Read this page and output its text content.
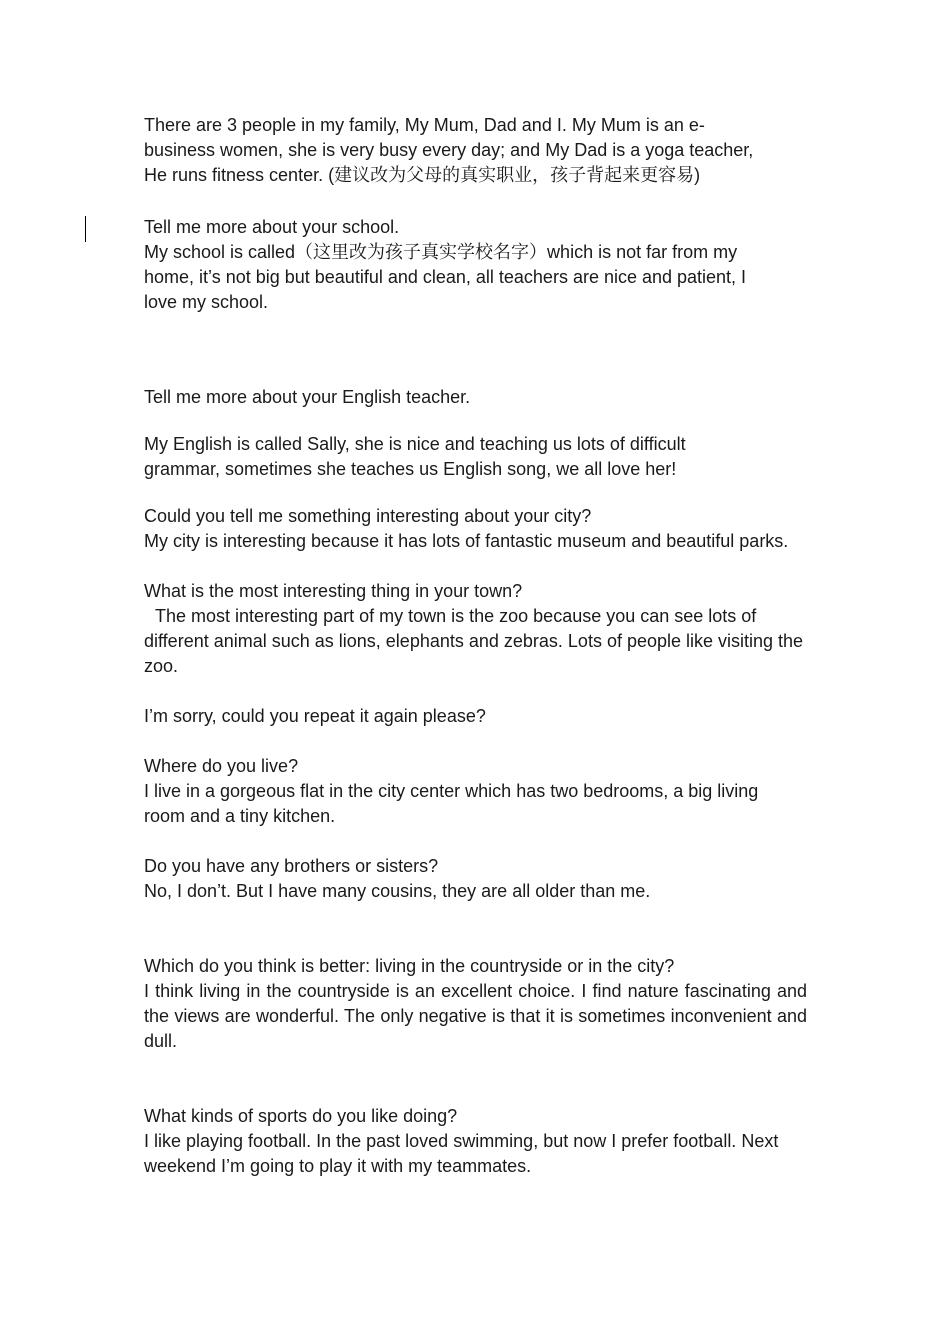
There are 3 people in my family, My Mum, Dad and I. My Mum is an e-
business women, she is very busy every day; and My Dad is a yoga teacher,
He runs fitness center. (建议改为父母的真实职业，孩子背起来更容易)
Tell me more about your school.
My school is called（这里改为孩子真实学校名字）which is not far from my
home, it’s not big but beautiful and clean, all teachers are nice and patient, I
love my school.
Tell me more about your English teacher.
My English is called Sally, she is nice and teaching us lots of difficult
grammar, sometimes she teaches us English song, we all love her!
Could you tell me something interesting about your city?
My city is interesting because it has lots of fantastic museum and beautiful parks.
What is the most interesting thing in your town?
The most interesting part of my town is the zoo because you can see lots of different animal such as lions, elephants and zebras. Lots of people like visiting the zoo.
I’m sorry, could you repeat it again please?
Where do you live?
I live in a gorgeous flat in the city center which has two bedrooms, a big living
room and a tiny kitchen.
Do you have any brothers or sisters?
No, I don’t. But I have many cousins, they are all older than me.
Which do you think is better: living in the countryside or in the city?
I think living in the countryside is an excellent choice. I find nature fascinating and the views are wonderful. The only negative is that it is sometimes inconvenient and dull.
What kinds of sports do you like doing?
I like playing football. In the past loved swimming, but now I prefer football. Next
weekend I’m going to play it with my teammates.
